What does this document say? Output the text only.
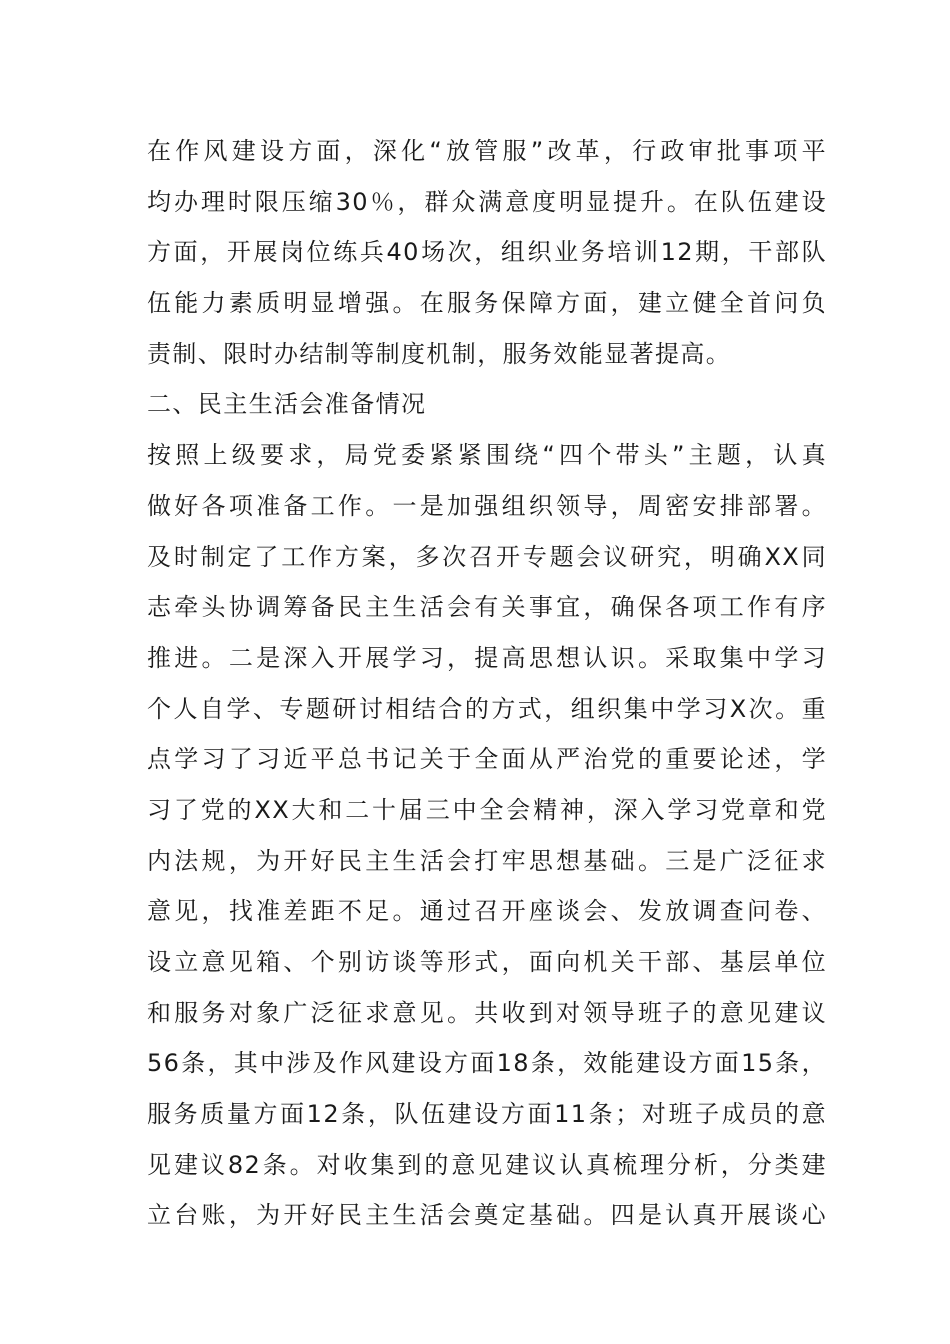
在作风建设方面，深化“放管服”改革，行政审批事项平
均办理时限压缩30％，群众满意度明显提升。在队伍建设
方面，开展岗位练兵40场次，组织业务培训12期，干部队
伍能力素质明显增强。在服务保障方面，建立健全首问负
责制、限时办结制等制度机制，服务效能显著提高。
二、民主生活会准备情况
按照上级要求，局党委紧紧围绕“四个带头”主题，认真
做好各项准备工作。一是加强组织领导，周密安排部署。
及时制定了工作方案，多次召开专题会议研究，明确XX同
志牵头协调筹备民主生活会有关事宜，确保各项工作有序
推进。二是深入开展学习，提高思想认识。采取集中学习
个人自学、专题研讨相结合的方式，组织集中学习X次。重
点学习了习近平总书记关于全面从严治党的重要论述，学
习了党的XX大和二十届三中全会精神，深入学习党章和党
内法规，为开好民主生活会打牢思想基础。三是广泛征求
意见，找准差距不足。通过召开座谈会、发放调查问卷、
设立意见箱、个别访谈等形式，面向机关干部、基层单位
和服务对象广泛征求意见。共收到对领导班子的意见建议
56条，其中涉及作风建设方面18条，效能建设方面15条，
服务质量方面12条，队伍建设方面11条；对班子成员的意
见建议82条。对收集到的意见建议认真梳理分析，分类建
立台账，为开好民主生活会奠定基础。四是认真开展谈心
